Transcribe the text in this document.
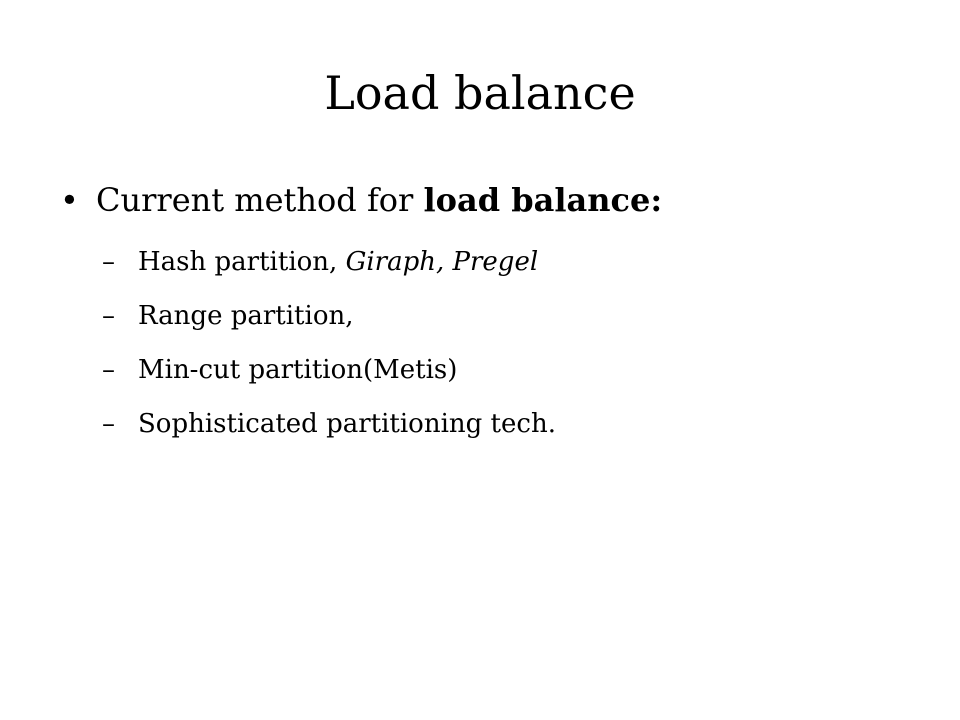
Load balance
• Current method for load balance:
– Hash partition, Giraph, Pregel
– Range partition,
– Min-cut partition(Metis)
– Sophisticated partitioning tech.
